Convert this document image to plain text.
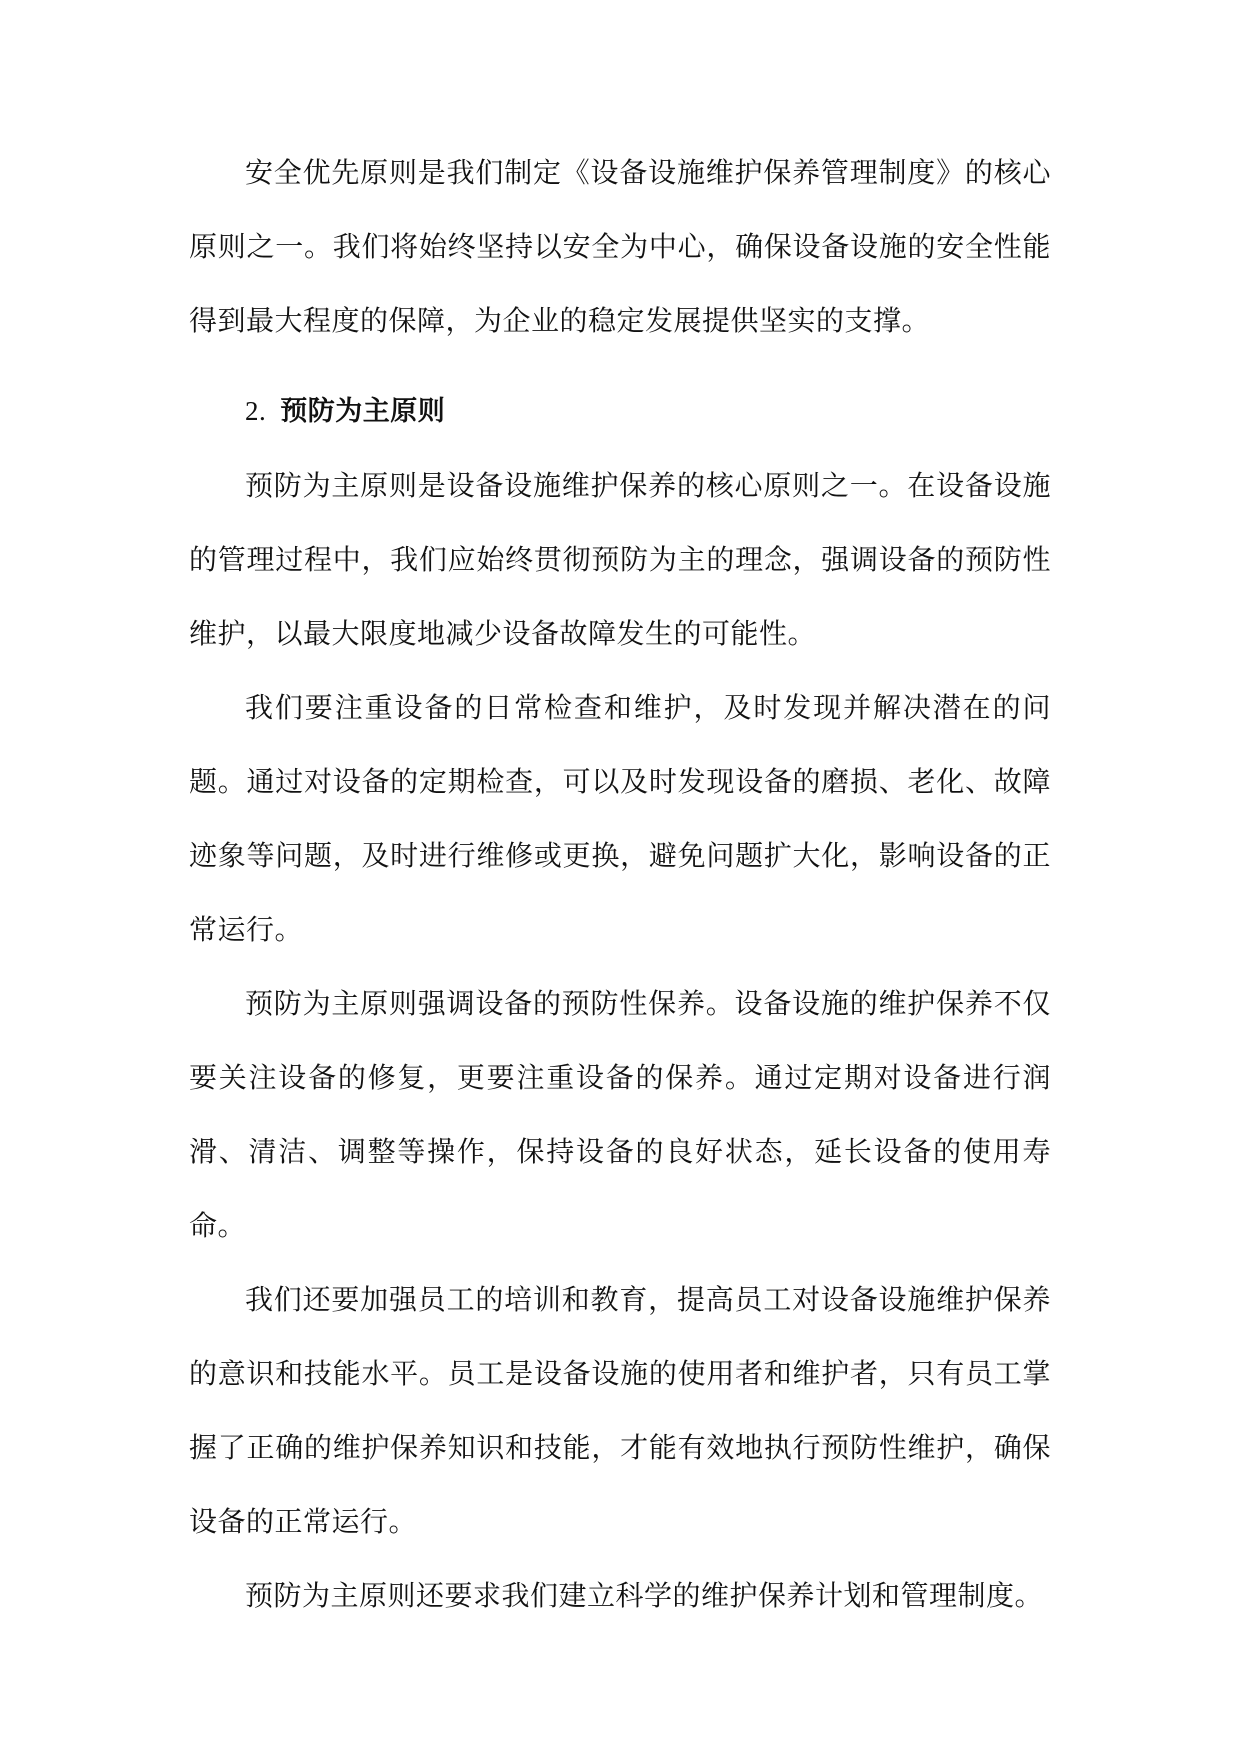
安全优先原则是我们制定《设备设施维护保养管理制度》的核心原则之一。我们将始终坚持以安全为中心，确保设备设施的安全性能得到最大程度的保障，为企业的稳定发展提供坚实的支撑。

2. 预防为主原则

预防为主原则是设备设施维护保养的核心原则之一。在设备设施的管理过程中，我们应始终贯彻预防为主的理念，强调设备的预防性维护，以最大限度地减少设备故障发生的可能性。

我们要注重设备的日常检查和维护，及时发现并解决潜在的问题。通过对设备的定期检查，可以及时发现设备的磨损、老化、故障迹象等问题，及时进行维修或更换，避免问题扩大化，影响设备的正常运行。

预防为主原则强调设备的预防性保养。设备设施的维护保养不仅要关注设备的修复，更要注重设备的保养。通过定期对设备进行润滑、清洁、调整等操作，保持设备的良好状态，延长设备的使用寿命。

我们还要加强员工的培训和教育，提高员工对设备设施维护保养的意识和技能水平。员工是设备设施的使用者和维护者，只有员工掌握了正确的维护保养知识和技能，才能有效地执行预防性维护，确保设备的正常运行。

预防为主原则还要求我们建立科学的维护保养计划和管理制度。
